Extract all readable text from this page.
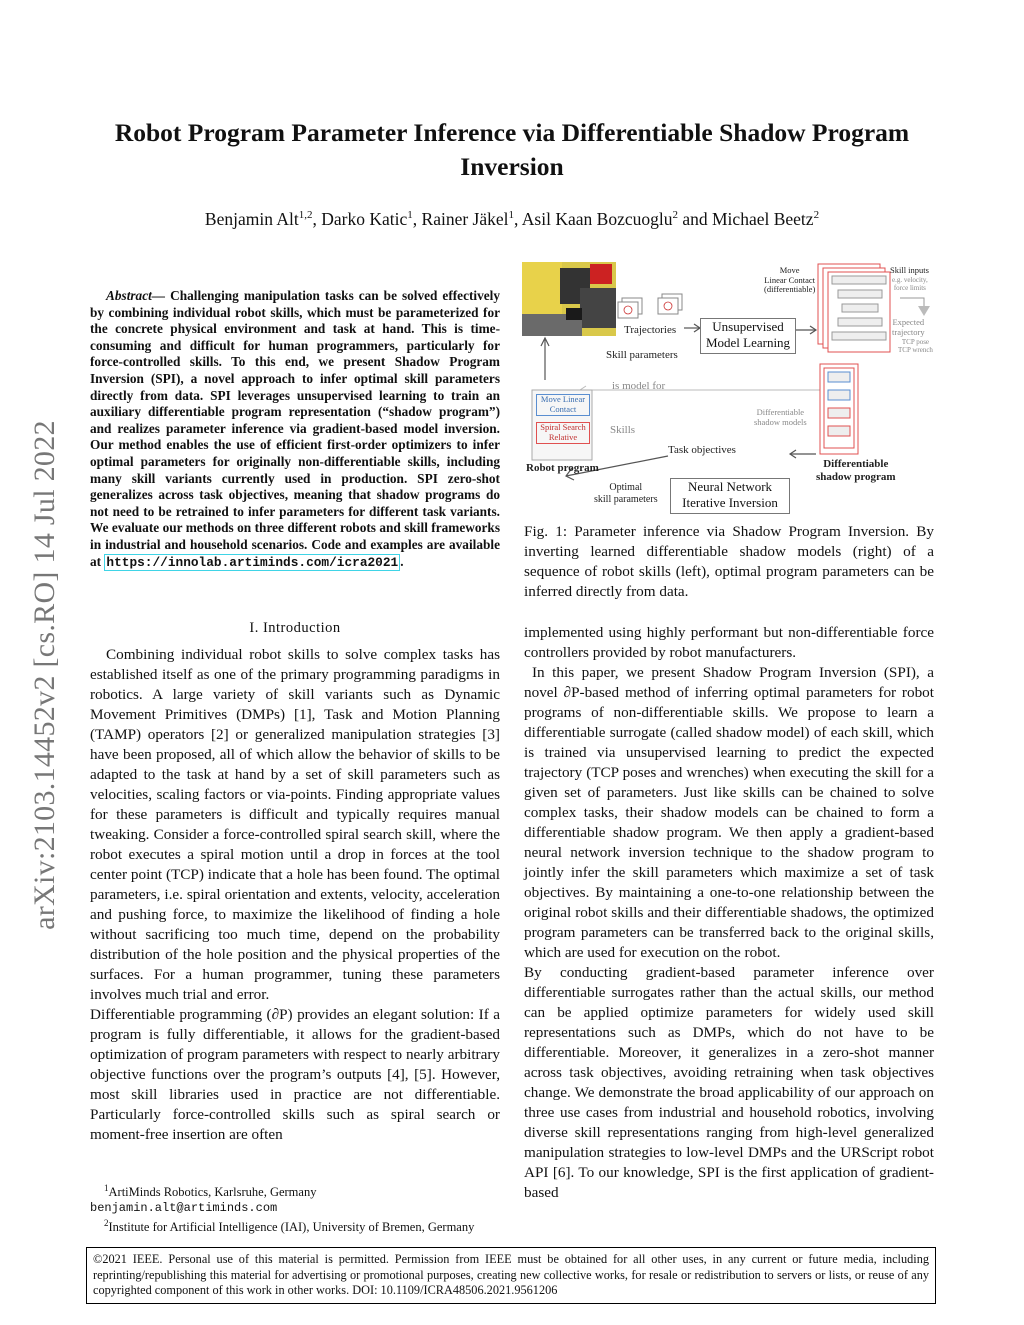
arXiv:2103.14452v2 [cs.RO] 14 Jul 2022
Robot Program Parameter Inference via Differentiable Shadow Program Inversion
Benjamin Alt$^{1,2}$, Darko Katic$^1$, Rainer Jäkel$^1$, Asil Kaan Bozcuoglu$^2$ and Michael Beetz$^2$
Abstract— Challenging manipulation tasks can be solved effectively by combining individual robot skills, which must be parameterized for the concrete physical environment and task at hand. This is time-consuming and difficult for human programmers, particularly for force-controlled skills. To this end, we present Shadow Program Inversion (SPI), a novel approach to infer optimal skill parameters directly from data. SPI leverages unsupervised learning to train an auxiliary differentiable program representation (“shadow program”) and realizes parameter inference via gradient-based model inversion. Our method enables the use of efficient first-order optimizers to infer optimal parameters for originally non-differentiable skills, including many skill variants currently used in production. SPI zero-shot generalizes across task objectives, meaning that shadow programs do not need to be retrained to infer parameters for different task variants. We evaluate our methods on three different robots and skill frameworks in industrial and household scenarios. Code and examples are available at https://innolab.artiminds.com/icra2021 .
I. Introduction

Combining individual robot skills to solve complex tasks has established itself as one of the primary programming paradigms in robotics. A large variety of skill variants such as Dynamic Movement Primitives (DMPs) [1], Task and Motion Planning (TAMP) operators [2] or generalized manipulation strategies [3] have been proposed, all of which allow the behavior of skills to be adapted to the task at hand by a set of skill parameters such as velocities, scaling factors or via-points. Finding appropriate values for these parameters is difficult and typically requires manual tweaking. Consider a force-controlled spiral search skill, where the robot executes a spiral motion until a drop in forces at the tool center point (TCP) indicate that a hole has been found. The optimal parameters, i.e. spiral orientation and extents, velocity, acceleration and pushing force, to maximize the likelihood of finding a hole without sacrificing too much time, depend on the probability distribution of the hole position and the physical properties of the surfaces. For a human programmer, tuning these parameters involves much trial and error.

Differentiable programming (∂P) provides an elegant solution: If a program is fully differentiable, it allows for the gradient-based optimization of program parameters with respect to nearly arbitrary objective functions over the program’s outputs [4], [5]. However, most skill libraries used in practice are not differentiable. Particularly force-controlled skills such as spiral search or moment-free insertion are often

$^1$ArtiMinds Robotics, Karlsruhe, Germany
benjamin.alt@artiminds.com
$^2$Institute for Artificial Intelligence (IAI), University of Bremen, Germany
Trajectories
Skill parameters
Unsupervised
Model Learning
Move
Linear Contact
(differentiable)
Skill inputs
e.g. velocity,
force limits
Expected
trajectory
TCP pose
TCP wrench
is model for
Move Linear
Contact
Spiral Search
Relative
Skills
Differentiable
shadow models
Task objectives
Robot program	Differentiable
shadow program
Optimal
skill parameters
Neural Network
Iterative Inversion
Fig. 1: Parameter inference via Shadow Program Inversion. By inverting learned differentiable shadow models (right) of a sequence of robot skills (left), optimal program parameters can be inferred directly from data.

implemented using highly performant but non-differentiable force controllers provided by robot manufacturers.

In this paper, we present Shadow Program Inversion (SPI), a novel ∂P-based method of inferring optimal parameters for robot programs of non-differentiable skills. We propose to learn a differentiable surrogate (called shadow model) of each skill, which is trained via unsupervised learning to predict the expected trajectory (TCP poses and wrenches) when executing the skill for a given set of parameters. Just like skills can be chained to solve complex tasks, their shadow models can be chained to form a differentiable shadow program. We then apply a gradient-based neural network inversion technique to the shadow program to jointly infer the skill parameters which maximize a set of task objectives. By maintaining a one-to-one relationship between the original robot skills and their differentiable shadows, the optimized program parameters can be transferred back to the original skills, which are used for execution on the robot.

By conducting gradient-based parameter inference over differentiable surrogates rather than the actual skills, our method can be applied optimize parameters for widely used skill representations such as DMPs, which do not have to be differentiable. Moreover, it generalizes in a zero-shot manner across task objectives, avoiding retraining when task objectives change. We demonstrate the broad applicability of our approach on three use cases from industrial and household robotics, involving diverse skill representations ranging from high-level generalized manipulation strategies to low-level DMPs and the URScript robot API [6]. To our knowledge, SPI is the first application of gradient-based

©2021 IEEE. Personal use of this material is permitted. Permission from IEEE must be obtained for all other uses, in any current or future media, including reprinting/republishing this material for advertising or promotional purposes, creating new collective works, for resale or redistribution to servers or lists, or reuse of any copyrighted component of this work in other works. DOI: 10.1109/ICRA48506.2021.9561206
